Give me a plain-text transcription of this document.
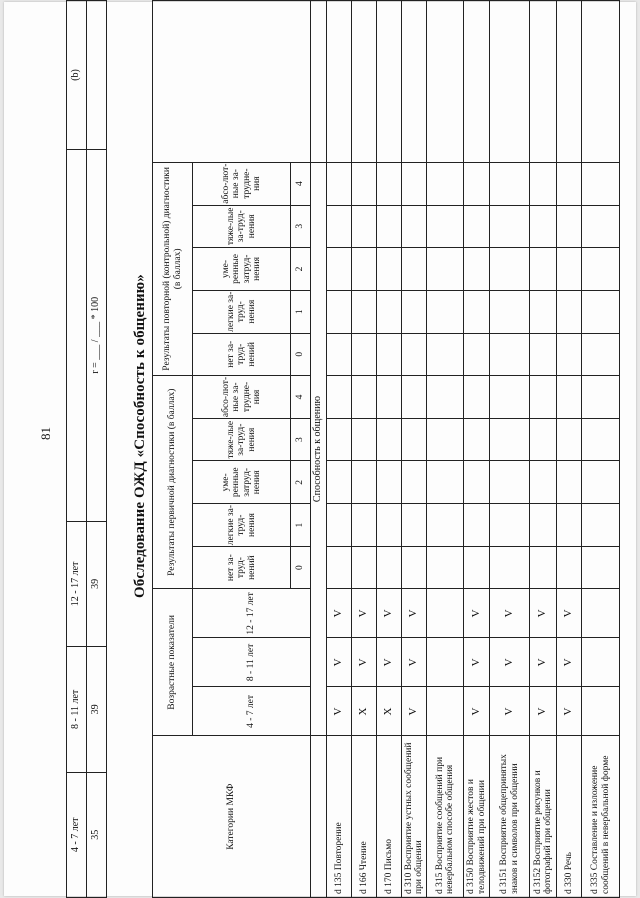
81
4 - 7 лет	8 - 11 лет	12 - 17 лет		(b)
35	39	39	r = ___ / ___ * 100	Обследование ОЖД «Способность к общению»
Категории МКФ	Возрастные показатели			Результаты первичной диагностики (в баллах)					Результаты повторной (контрольной) диагностики (в баллах)					
	4 - 7 лет	8 - 11 лет	12 - 17 лет	нет за-труд-нений	легкие за-труд-нения	уме-ренные затруд-нения	тяже-лые за-труд-нения	абсо-лют-ные за-трудне-ния	нет за-труд-нений	легкие за-труд-нения	уме-ренные затруд-нения	тяже-лые за-труд-нения	абсо-лют-ные за-трудне-ния	
				0	1	2	3	4	0	1	2	3	4	
	Способность к общению													
d 135 Повторение	V	V	V											
d 166 Чтение	X	V	V											
d 170 Письмо	X	V	V											
d 310 Восприятие устных сообщений при общении	V	V	V											
d 315 Восприятие сообщений при невербальном способе общения														
d 3150 Восприятие жестов и телодвижений при общении	V	V	V											
d 3151 Восприятие общепринятых знаков и символов при общении	V	V	V											
d 3152 Восприятие рисунков и фотографий при общении	V	V	V											
d 330 Речь	V	V	V											
d 335 Составление и изложение сообщений в невербальной форме														
